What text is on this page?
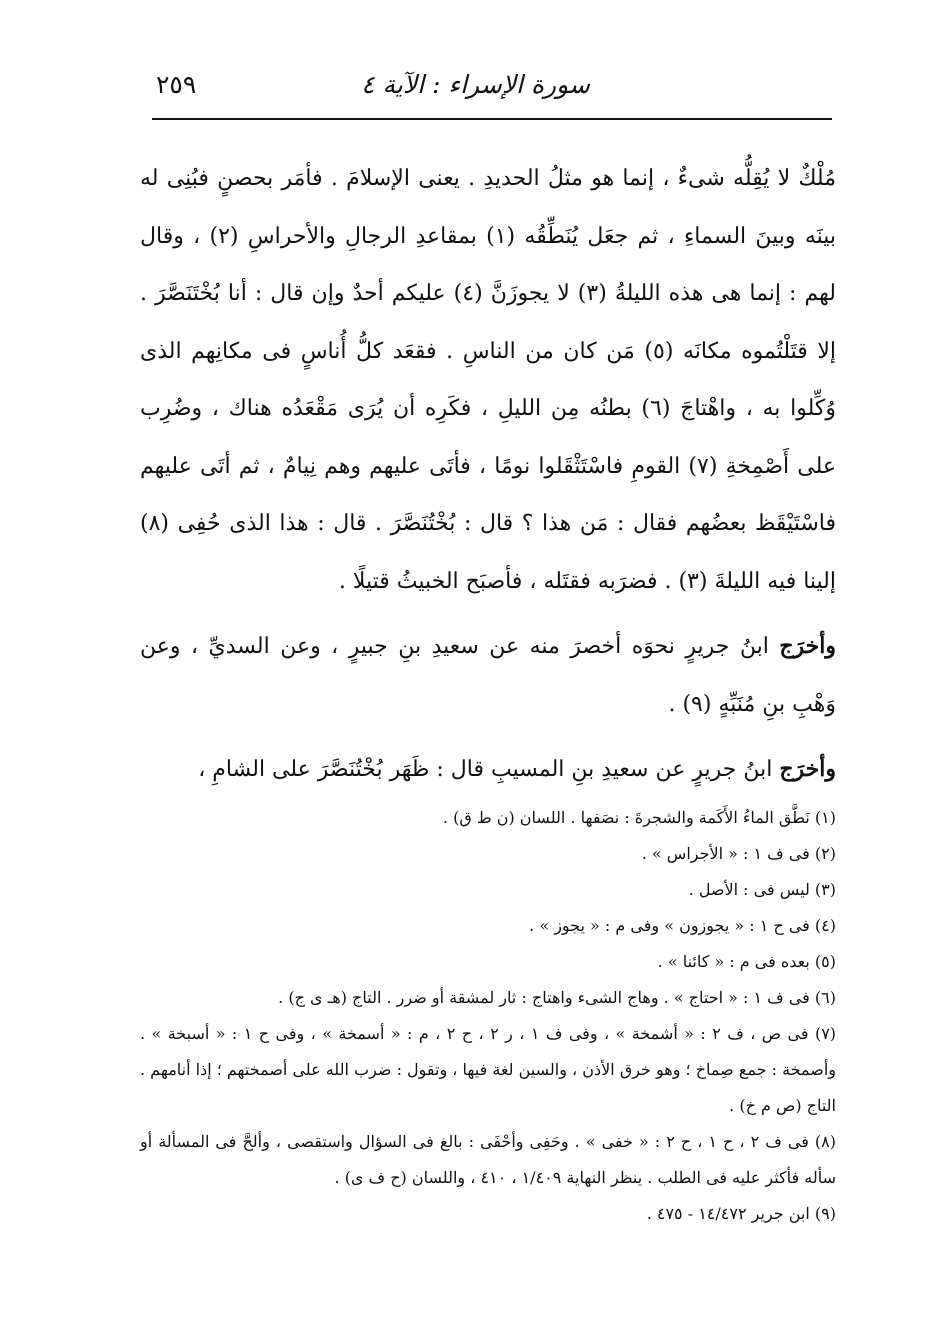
سورة الإسراء : الآية ٤
٢٥٩

مُلْكٌ لا يُقِلُّه شىءٌ ، إنما هو مثلُ الحديدِ . يعنى الإسلامَ . فأمَر بحصنٍ فبُنِى له بينَه وبينَ السماءِ ، ثم جعَل يُنَطِّقُه (١) بمقاعدِ الرجالِ والأحراسِ (٢) ، وقال لهم : إنما هى هذه الليلةُ (٣) لا يجوزَنَّ (٤) عليكم أحدٌ وإن قال : أنا بُخْتَنَصَّرَ . إلا قتَلْتُموه مكانَه (٥) مَن كان من الناسِ . فقعَد كلُّ أُناسٍ فى مكانِهم الذى وُكِّلوا به ، واهْتاجَ (٦) بطنُه مِن الليلِ ، فكَرِه أن يُرَى مَقْعَدُه هناك ، وضُرِب على أَصْمِخةِ (٧) القومِ فاسْتَثْقَلوا نومًا ، فأتَى عليهم وهم نِيامٌ ، ثم أتَى عليهم فاسْتَيْقَظ بعضُهم فقال : مَن هذا ؟ قال : بُخْتُنَصَّرَ . قال : هذا الذى حُفِى (٨) إلينا فيه الليلةَ (٣) . فضرَبه فقتَله ، فأصبَح الخبيثُ قتيلًا .

وأخرَج ابنُ جريرٍ نحوَه أخصرَ منه عن سعيدِ بنِ جبيرٍ ، وعن السديِّ ، وعن وَهْبِ بنِ مُنَبِّهٍ (٩) .

وأخرَج ابنُ جريرٍ عن سعيدِ بنِ المسيبِ قال : ظَهَر بُخْتُنَصَّرَ على الشامِ ،

(١) نَطَّق الماءُ الأَكَمة والشجرةَ : نصَفها . اللسان (ن ط ق) .

(٢) فى ف ١ : « الأجراس » .

(٣) ليس فى : الأصل .

(٤) فى ح ١ : « يجوزون » وفى م : « يجوز » .

(٥) بعده فى م : « كائنا » .

(٦) فى ف ١ : « احتاج » . وهاج الشىء واهتاج : ثار لمشقة أو ضرر . التاج (هـ ى ج) .

(٧) فى ص ، ف ٢ : « أشمخة » ، وفى ف ١ ، ر ٢ ، ح ٢ ، م : « أسمخة » ، وفى ح ١ : « أسبخة » . وأصمخة : جمع صِماخ ؛ وهو خرق الأذن ، والسين لغة فيها ، وتقول : ضرب الله على أصمختهم ؛ إذا أنامهم . التاج (ص م خ) .

(٨) فى ف ٢ ، ح ١ ، ح ٢ : « خفى » . وحَفِى وأحْفَى : بالغ فى السؤال واستقصى ، وألحَّ فى المسألة أو سأله فأكثر عليه فى الطلب . ينظر النهاية ١/٤٠٩ ، ٤١٠ ، واللسان (ح ف ى) .

(٩) ابن جرير ١٤/٤٧٢ - ٤٧٥ .
